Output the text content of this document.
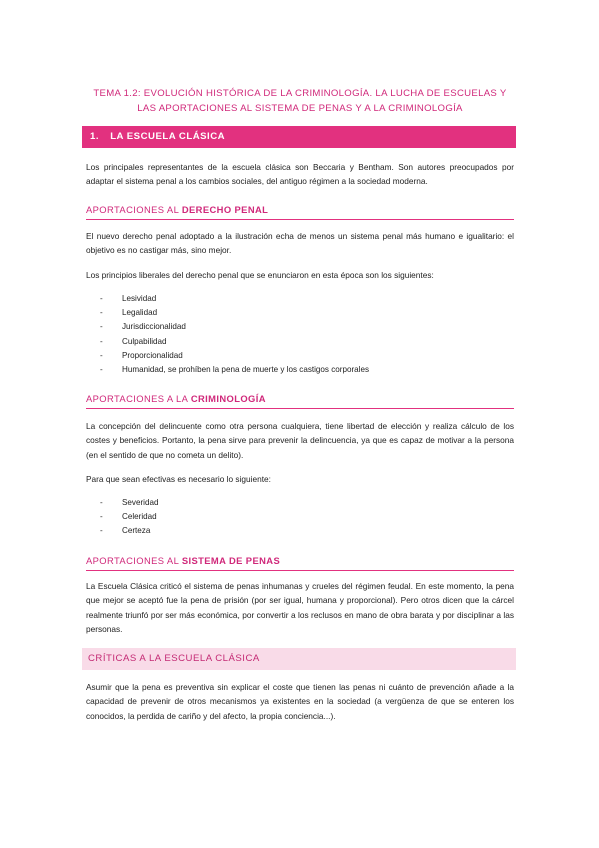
TEMA 1.2: EVOLUCIÓN HISTÓRICA DE LA CRIMINOLOGÍA. LA LUCHA DE ESCUELAS Y
LAS APORTACIONES AL SISTEMA DE PENAS Y A LA CRIMINOLOGÍA
1. LA ESCUELA CLÁSICA
Los principales representantes de la escuela clásica son Beccaria y Bentham. Son autores preocupados por adaptar el sistema penal a los cambios sociales, del antiguo régimen a la sociedad moderna.
APORTACIONES AL DERECHO PENAL
El nuevo derecho penal adoptado a la ilustración echa de menos un sistema penal más humano e igualitario: el objetivo es no castigar más, sino mejor.
Los principios liberales del derecho penal que se enunciaron en esta época son los siguientes:
- Lesividad
- Legalidad
- Jurisdiccionalidad
- Culpabilidad
- Proporcionalidad
- Humanidad, se prohíben la pena de muerte y los castigos corporales
APORTACIONES A LA CRIMINOLOGÍA
La concepción del delincuente como otra persona cualquiera, tiene libertad de elección y realiza cálculo de los costes y beneficios. Portanto, la pena sirve para prevenir la delincuencia, ya que es capaz de motivar a la persona (en el sentido de que no cometa un delito).
Para que sean efectivas es necesario lo siguiente:
- Severidad
- Celeridad
- Certeza
APORTACIONES AL SISTEMA DE PENAS
La Escuela Clásica criticó el sistema de penas inhumanas y crueles del régimen feudal. En este momento, la pena que mejor se aceptó fue la pena de prisión (por ser igual, humana y proporcional). Pero otros dicen que la cárcel realmente triunfó por ser más económica, por convertir a los reclusos en mano de obra barata y por disciplinar a las personas.
CRÍTICAS A LA ESCUELA CLÁSICA
Asumir que la pena es preventiva sin explicar el coste que tienen las penas ni cuánto de prevención añade a la capacidad de prevenir de otros mecanismos ya existentes en la sociedad (a vergüenza de que se enteren los conocidos, la perdida de cariño y del afecto, la propia conciencia...).
